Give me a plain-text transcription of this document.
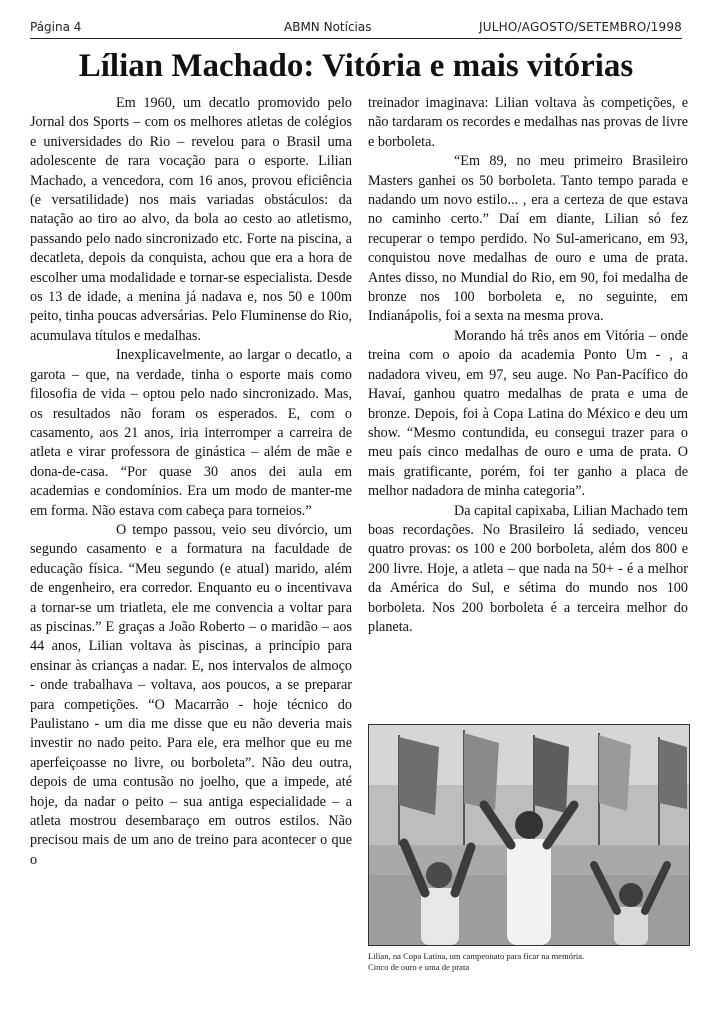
Página 4	ABMN Notícias	JULHO/AGOSTO/SETEMBRO/1998
Lílian Machado: Vitória e mais vitórias

Em 1960, um decatlo promovido pelo Jornal dos Sports – com os melhores atletas de colégios e universidades do Rio – revelou para o Brasil uma adolescente de rara vocação para o esporte. Lilian Machado, a vencedora, com 16 anos, provou eficiência (e versatilidade) nos mais variadas obstáculos: da natação ao tiro ao alvo, da bola ao cesto ao atletismo, passando pelo nado sincronizado etc. Forte na piscina, a decatleta, depois da conquista, achou que era a hora de escolher uma modalidade e tornar-se especialista. Desde os 13 de idade, a menina já nadava e, nos 50 e 100m peito, tinha poucas adversárias. Pelo Fluminense do Rio, acumulava títulos e medalhas.

Inexplicavelmente, ao largar o decatlo, a garota – que, na verdade, tinha o esporte mais como filosofia de vida – optou pelo nado sincronizado. Mas, os resultados não foram os esperados. E, com o casamento, aos 21 anos, iria interromper a carreira de atleta e virar professora de ginástica – além de mãe e dona-de-casa. “Por quase 30 anos dei aula em academias e condomínios. Era um modo de manter-me em forma. Não estava com cabeça para torneios.”

O tempo passou, veio seu divórcio, um segundo casamento e a formatura na faculdade de educação física. “Meu segundo (e atual) marido, além de engenheiro, era corredor. Enquanto eu o incentivava a tornar-se um triatleta, ele me convencia a voltar para as piscinas.” E graças a João Roberto – o maridão – aos 44 anos, Lilian voltava às piscinas, a princípio para ensinar às crianças a nadar. E, nos intervalos de almoço - onde trabalhava – voltava, aos poucos, a se preparar para competições. “O Macarrão - hoje técnico do Paulistano - um dia me disse que eu não deveria mais investir no nado peito. Para ele, era melhor que eu me aperfeiçoasse no livre, ou borboleta”. Não deu outra, depois de uma contusão no joelho, que a impede, até hoje, da nadar o peito – sua antiga especialidade – a atleta mostrou desembaraço em outros estilos. Não precisou mais de um ano de treino para acontecer o que o

treinador imaginava: Lilian voltava às competições, e não tardaram os recordes e medalhas nas provas de livre e borboleta.

“Em 89, no meu primeiro Brasileiro Masters ganhei os 50 borboleta. Tanto tempo parada e nadando um novo estilo... , era a certeza de que estava no caminho certo.” Daí em diante, Lilian só fez recuperar o tempo perdido. No Sul-americano, em 93, conquistou nove medalhas de ouro e uma de prata. Antes disso, no Mundial do Rio, em 90, foi medalha de bronze nos 100 borboleta e, no seguinte, em Indianápolis, foi a sexta na mesma prova.

Morando há três anos em Vitória – onde treina com o apoio da academia Ponto Um - , a nadadora viveu, em 97, seu auge. No Pan-Pacífico do Havaí, ganhou quatro medalhas de prata e uma de bronze. Depois, foi à Copa Latina do México e deu um show. “Mesmo contundida, eu consegui trazer para o meu país cinco medalhas de ouro e uma de prata. O mais gratificante, porém, foi ter ganho a placa de melhor nadadora de minha categoria”.

Da capital capixaba, Lilian Machado tem boas recordações. No Brasileiro lá sediado, venceu quatro provas: os 100 e 200 borboleta, além dos 800 e 200 livre. Hoje, a atleta – que nada na 50+ - é a melhor da América do Sul, e sétima do mundo nos 100 borboleta. Nos 200 borboleta é a terceira melhor do planeta.

Lilian, na Copa Latina, um campeonato para ficar na memória.
Cinco de ouro e uma de prata
